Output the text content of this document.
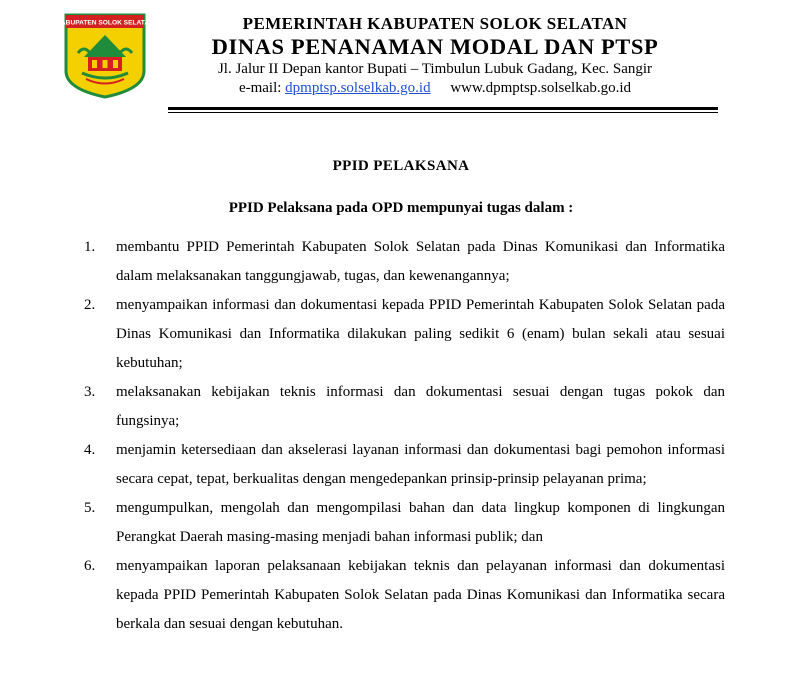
KABUPATEN SOLOK SELATAN	PEMERINTAH KABUPATEN SOLOK SELATAN
DINAS PENANAMAN MODAL DAN PTSP
Jl. Jalur II Depan kantor Bupati – Timbulun Lubuk Gadang, Kec. Sangir
e-mail: dpmptsp.solselkab.go.id www.dpmptsp.solselkab.go.id
PPID PELAKSANA
PPID Pelaksana pada OPD mempunyai tugas dalam :
1. membantu PPID Pemerintah Kabupaten Solok Selatan pada Dinas Komunikasi dan Informatika dalam melaksanakan tanggungjawab, tugas, dan kewenangannya;
2. menyampaikan informasi dan dokumentasi kepada PPID Pemerintah Kabupaten Solok Selatan pada Dinas Komunikasi dan Informatika dilakukan paling sedikit 6 (enam) bulan sekali atau sesuai kebutuhan;
3. melaksanakan kebijakan teknis informasi dan dokumentasi sesuai dengan tugas pokok dan fungsinya;
4. menjamin ketersediaan dan akselerasi layanan informasi dan dokumentasi bagi pemohon informasi secara cepat, tepat, berkualitas dengan mengedepankan prinsip-prinsip pelayanan prima;
5. mengumpulkan, mengolah dan mengompilasi bahan dan data lingkup komponen di lingkungan Perangkat Daerah masing-masing menjadi bahan informasi publik; dan
6. menyampaikan laporan pelaksanaan kebijakan teknis dan pelayanan informasi dan dokumentasi kepada PPID Pemerintah Kabupaten Solok Selatan pada Dinas Komunikasi dan Informatika secara berkala dan sesuai dengan kebutuhan.
